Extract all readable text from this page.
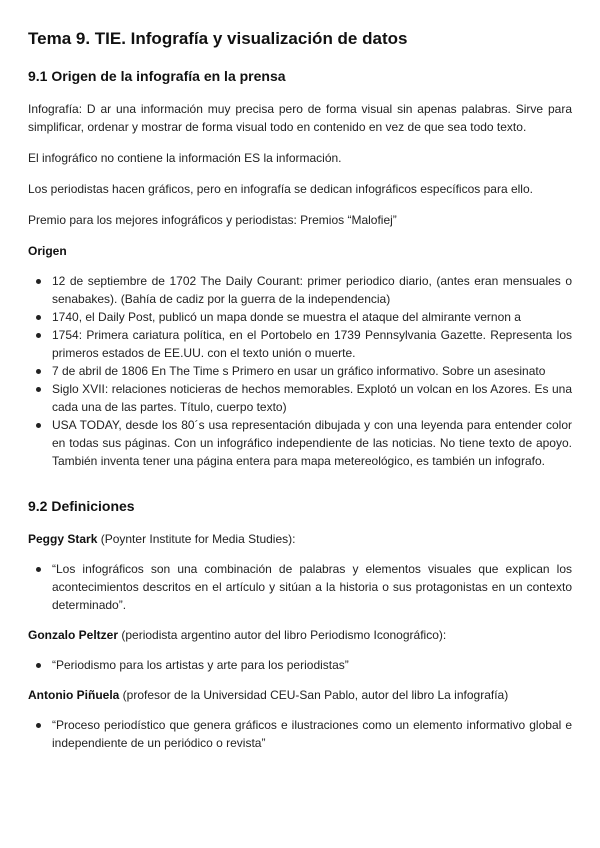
Tema 9. TIE. Infografía y visualización de datos
9.1 Origen de la infografía en la prensa

Infografía: D ar una información muy precisa pero de forma visual sin apenas palabras. Sirve para simplificar, ordenar y mostrar de forma visual todo en contenido en vez de que sea todo texto.

El infográfico no contiene la información ES la información.

Los periodistas hacen gráficos, pero en infografía se dedican infográficos específicos para ello.

Premio para los mejores infográficos y periodistas: Premios “Malofiej”

Origen

12 de septiembre de 1702 The Daily Courant: primer periodico diario, (antes eran mensuales o senabakes). (Bahía de cadiz por la guerra de la independencia)
1740, el Daily Post, publicó un mapa donde se muestra el ataque del almirante vernon a
1754: Primera cariatura política, en el Portobelo en 1739 Pennsylvania Gazette. Representa los primeros estados de EE.UU. con el texto unión o muerte.
7 de abril de 1806 En The Time s Primero en usar un gráfico informativo. Sobre un asesinato
Siglo XVII: relaciones noticieras de hechos memorables. Explotó un volcan en los Azores. Es una cada una de las partes. Título, cuerpo texto)
USA TODAY, desde los 80´s usa representación dibujada y con una leyenda para entender color en todas sus páginas. Con un infográfico independiente de las noticias. No tiene texto de apoyo. También inventa tener una página entera para mapa metereológico, es también un infografo.
9.2 Definiciones

Peggy Stark (Poynter Institute for Media Studies):

“Los infográficos son una combinación de palabras y elementos visuales que explican los acontecimientos descritos en el artículo y sitúan a la historia o sus protagonistas en un contexto determinado”.

Gonzalo Peltzer (periodista argentino autor del libro Periodismo Iconográfico):

“Periodismo para los artistas y arte para los periodistas”

Antonio Piñuela (profesor de la Universidad CEU-San Pablo, autor del libro La infografía)

“Proceso periodístico que genera gráficos e ilustraciones como un elemento informativo global e independiente de un periódico o revista”
